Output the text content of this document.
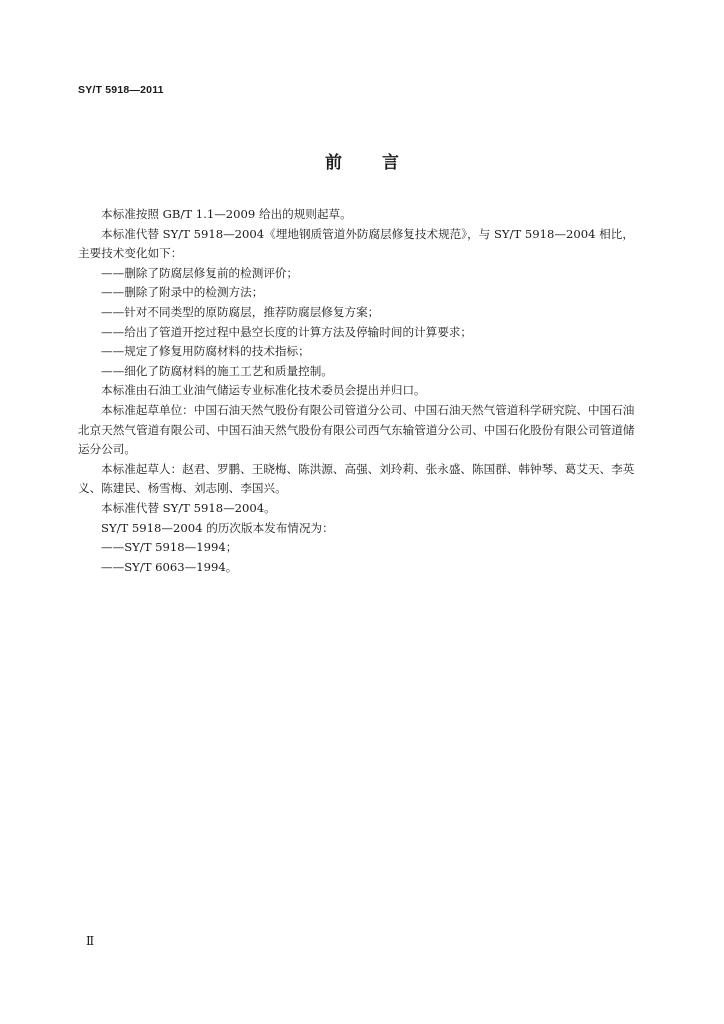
SY/T 5918—2011
前言

本标准按照 GB/T 1.1—2009 给出的规则起草。

本标准代替 SY/T 5918—2004《埋地钢质管道外防腐层修复技术规范》，与 SY/T 5918—2004 相比，主要技术变化如下：

——删除了防腐层修复前的检测评价；

——删除了附录中的检测方法；

——针对不同类型的原防腐层，推荐防腐层修复方案；

——给出了管道开挖过程中悬空长度的计算方法及停输时间的计算要求；

——规定了修复用防腐材料的技术指标；

——细化了防腐材料的施工工艺和质量控制。

本标准由石油工业油气储运专业标准化技术委员会提出并归口。

本标准起草单位：中国石油天然气股份有限公司管道分公司、中国石油天然气管道科学研究院、中国石油北京天然气管道有限公司、中国石油天然气股份有限公司西气东输管道分公司、中国石化股份有限公司管道储运分公司。

本标准起草人：赵君、罗鹏、王晓梅、陈洪源、高强、刘玲莉、张永盛、陈国群、韩钟琴、葛艾天、李英义、陈建民、杨雪梅、刘志刚、李国兴。

本标准代替 SY/T 5918—2004。

SY/T 5918—2004 的历次版本发布情况为：

——SY/T 5918—1994；

——SY/T 6063—1994。

Ⅱ
